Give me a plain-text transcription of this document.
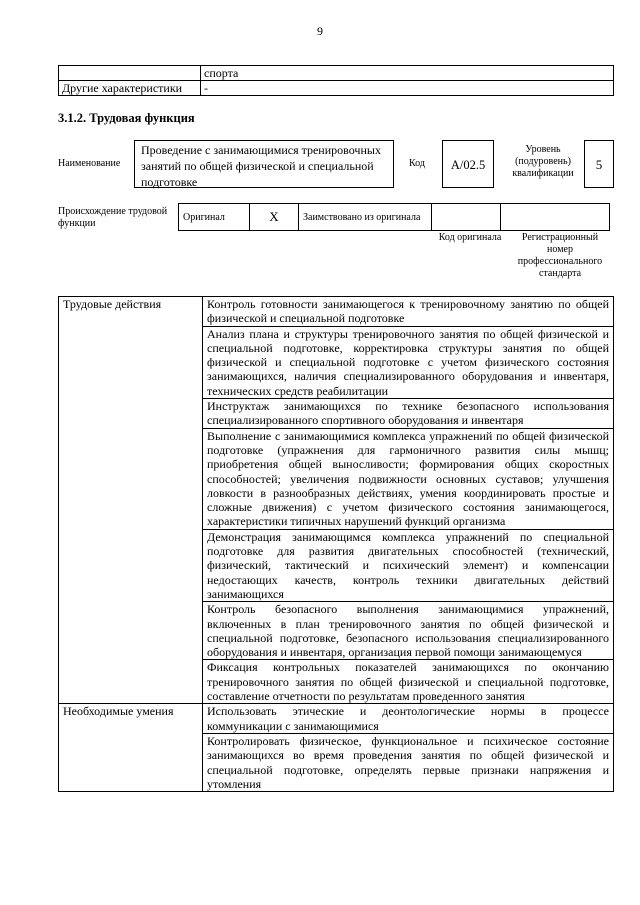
9
	спорта
Другие характеристики	-
3.1.2. Трудовая функция
Наименование
Проведение с занимающимися тренировочных занятий по общей физической и специальной подготовке
Код	A/02.5
Уровень (подуровень) квалификации
5
Происхождение трудовой функции
Оригинал	X	Заимствовано из оригинала		
Код оригинала	Регистрационный номер профессионального стандарта
Трудовые действия	Контроль готовности занимающегося к тренировочному занятию по общей физической и специальной подготовке
	Анализ плана и структуры тренировочного занятия по общей физической и специальной подготовке, корректировка структуры занятия по общей физической и специальной подготовке с учетом физического состояния занимающихся, наличия специализированного оборудования и инвентаря, технических средств реабилитации
	Инструктаж занимающихся по технике безопасного использования специализированного спортивного оборудования и инвентаря
	Выполнение с занимающимися комплекса упражнений по общей физической подготовке (упражнения для гармоничного развития силы мышц; приобретения общей выносливости; формирования общих скоростных способностей; увеличения подвижности основных суставов; улучшения ловкости в разнообразных действиях, умения координировать простые и сложные движения) с учетом физического состояния занимающегося, характеристики типичных нарушений функций организма
	Демонстрация занимающимся комплекса упражнений по специальной подготовке для развития двигательных способностей (технический, физический, тактический и психический элемент) и компенсации недостающих качеств, контроль техники двигательных действий занимающихся
	Контроль безопасного выполнения занимающимися упражнений, включенных в план тренировочного занятия по общей физической и специальной подготовке, безопасного использования специализированного оборудования и инвентаря, организация первой помощи занимающемуся
	Фиксация контрольных показателей занимающихся по окончанию тренировочного занятия по общей физической и специальной подготовке, составление отчетности по результатам проведенного занятия
Необходимые умения	Использовать этические и деонтологические нормы в процессе коммуникации с занимающимися
	Контролировать физическое, функциональное и психическое состояние занимающихся во время проведения занятия по общей физической и специальной подготовке, определять первые признаки напряжения и утомления
